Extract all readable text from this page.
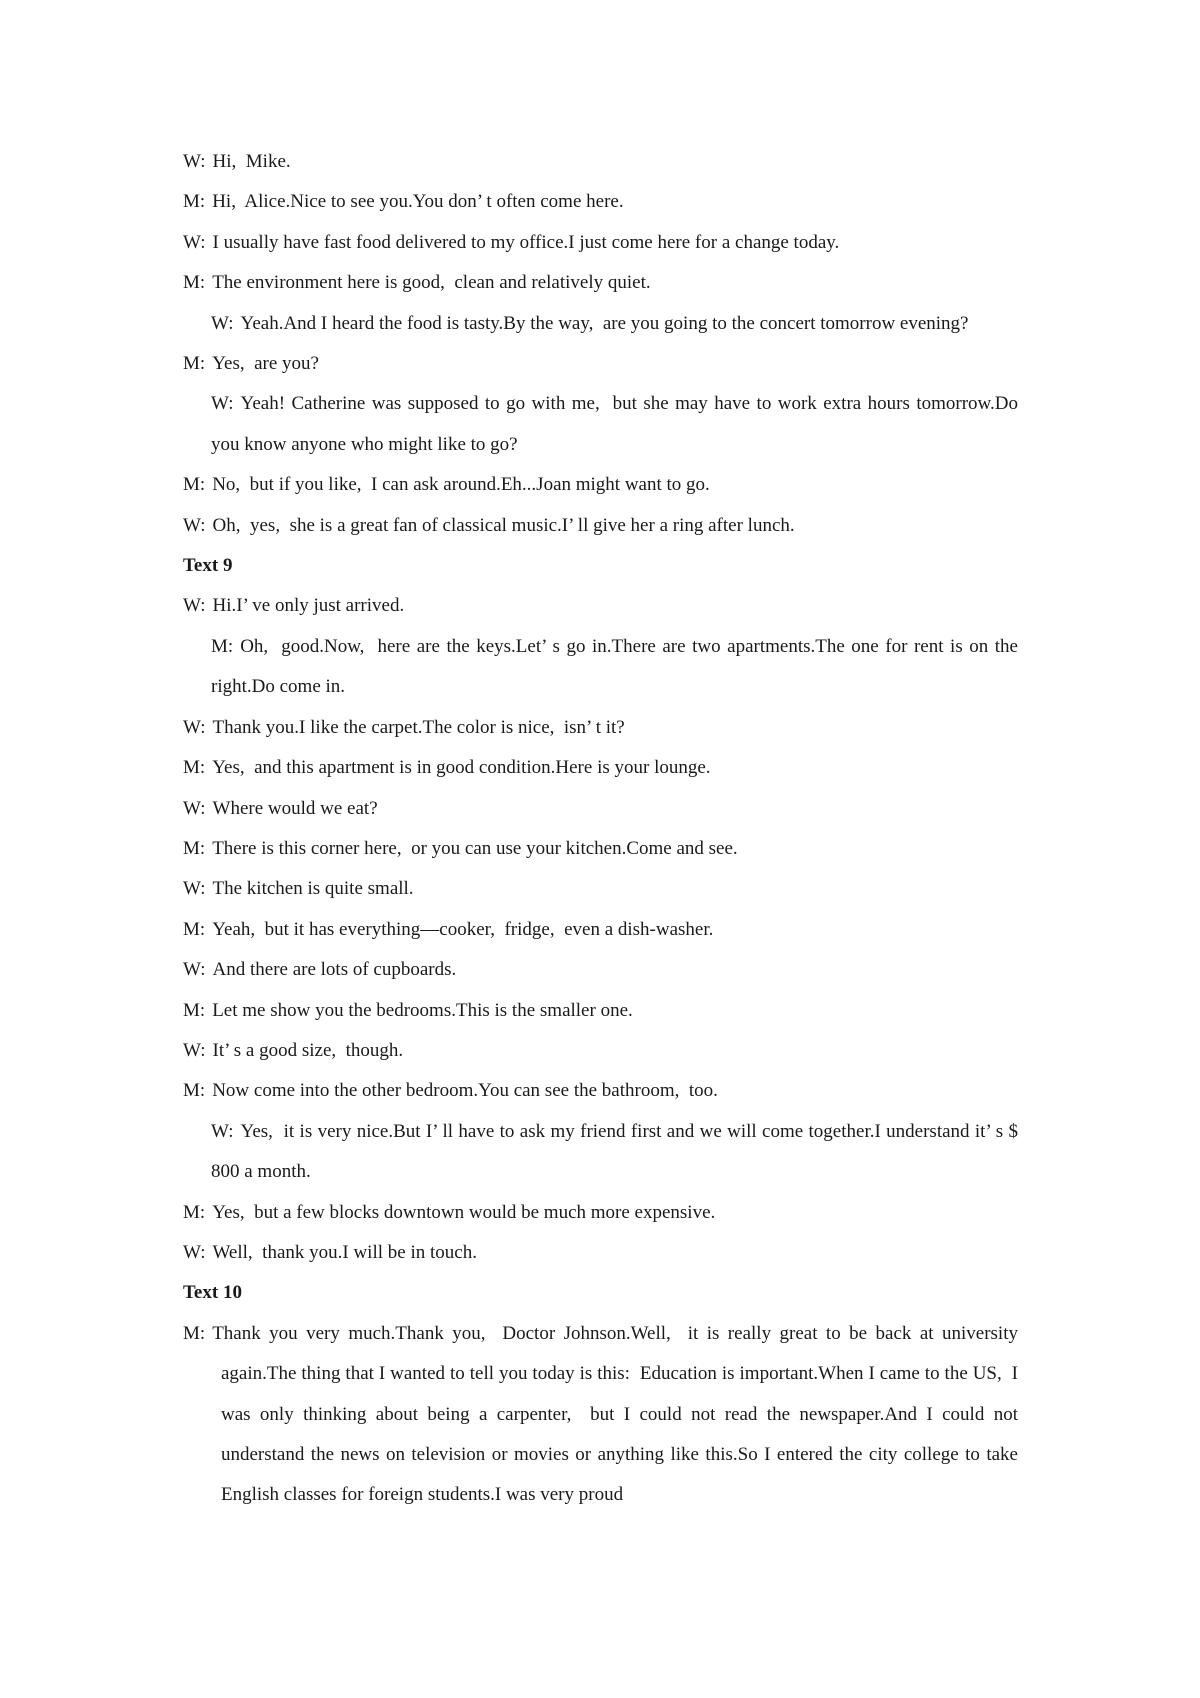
W: Hi,  Mike.
M: Hi,  Alice.Nice to see you.You don’ t often come here.
W: I usually have fast food delivered to my office.I just come here for a change today.
M: The environment here is good,  clean and relatively quiet.
W: Yeah.And I heard the food is tasty.By the way,  are you going to the concert tomorrow evening?
M: Yes,  are you?
W: Yeah! Catherine was supposed to go with me,  but she may have to work extra hours tomorrow.Do you know anyone who might like to go?
M: No,  but if you like,  I can ask around.Eh...Joan might want to go.
W: Oh,  yes,  she is a great fan of classical music.I’ ll give her a ring after lunch.
Text 9
W: Hi.I’ ve only just arrived.
M: Oh,  good.Now,  here are the keys.Let’ s go in.There are two apartments.The one for rent is on the right.Do come in.
W: Thank you.I like the carpet.The color is nice,  isn’ t it?
M: Yes,  and this apartment is in good condition.Here is your lounge.
W: Where would we eat?
M: There is this corner here,  or you can use your kitchen.Come and see.
W: The kitchen is quite small.
M: Yeah,  but it has everything—cooker,  fridge,  even a dish-washer.
W: And there are lots of cupboards.
M: Let me show you the bedrooms.This is the smaller one.
W: It’ s a good size,  though.
M: Now come into the other bedroom.You can see the bathroom,  too.
W: Yes,  it is very nice.But I’ ll have to ask my friend first and we will come together.I understand it’ s $ 800 a month.
M: Yes,  but a few blocks downtown would be much more expensive.
W: Well,  thank you.I will be in touch.
Text 10
M: Thank you very much.Thank you,  Doctor Johnson.Well,  it is really great to be back at university again.The thing that I wanted to tell you today is this:  Education is important.When I came to the US,  I was only thinking about being a carpenter,  but I could not read the newspaper.And I could not understand the news on television or movies or anything like this.So I entered the city college to take English classes for foreign students.I was very proud
